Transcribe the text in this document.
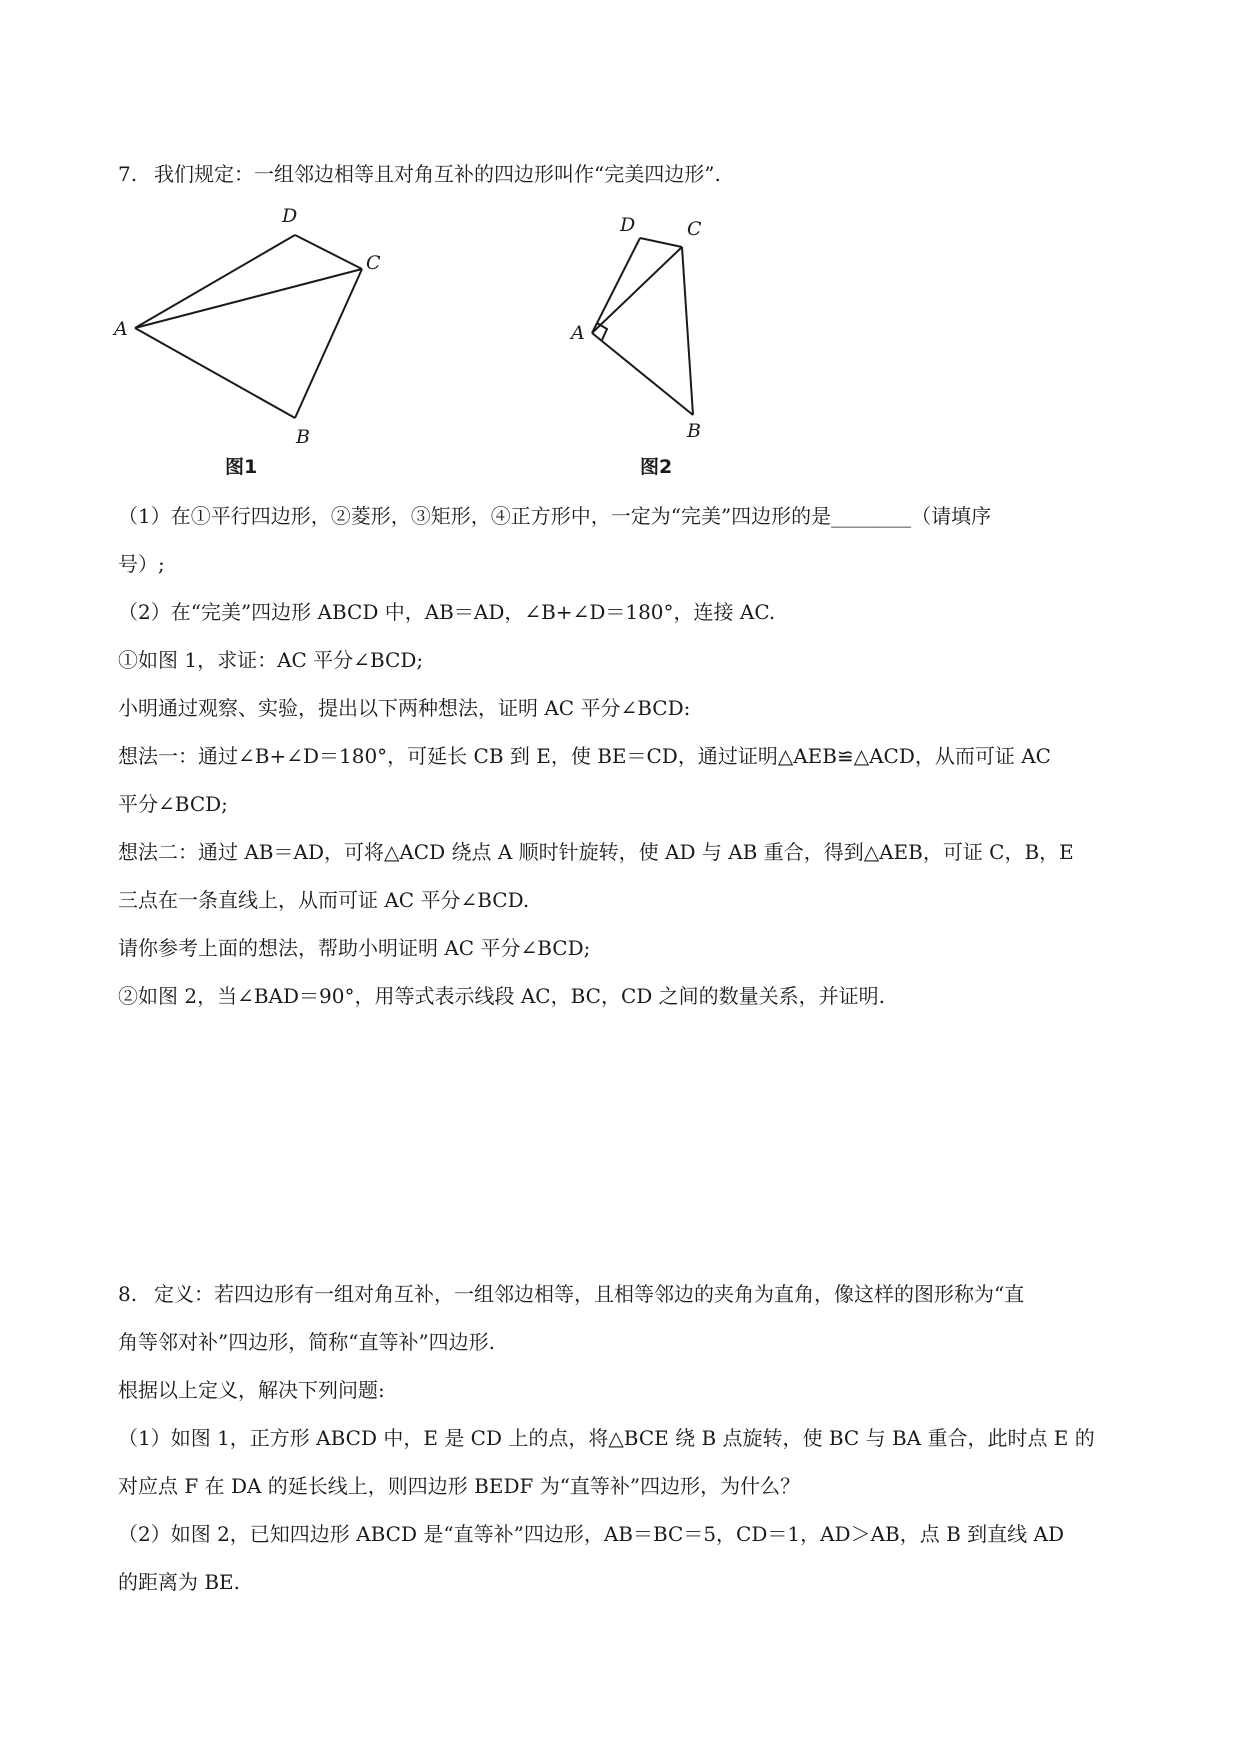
7. 我们规定：一组邻边相等且对角互补的四边形叫作“完美四边形”.
A
D
C
B
图1
A
D	C
B
图2
（1）在①平行四边形，②菱形，③矩形，④正方形中，一定为“完美”四边形的是________（请填序
号）;
（2）在“完美”四边形 ABCD 中，AB＝AD，∠B+∠D＝180°，连接 AC.
①如图 1，求证：AC 平分∠BCD;
小明通过观察、实验，提出以下两种想法，证明 AC 平分∠BCD:
想法一：通过∠B+∠D＝180°，可延长 CB 到 E，使 BE＝CD，通过证明△AEB≌△ACD，从而可证 AC
平分∠BCD;
想法二：通过 AB＝AD，可将△ACD 绕点 A 顺时针旋转，使 AD 与 AB 重合，得到△AEB，可证 C，B，E
三点在一条直线上，从而可证 AC 平分∠BCD.
请你参考上面的想法，帮助小明证明 AC 平分∠BCD;
②如图 2，当∠BAD＝90°，用等式表示线段 AC，BC，CD 之间的数量关系，并证明.
8. 定义：若四边形有一组对角互补，一组邻边相等，且相等邻边的夹角为直角，像这样的图形称为“直
角等邻对补”四边形，简称“直等补”四边形.
根据以上定义，解决下列问题:
（1）如图 1，正方形 ABCD 中，E 是 CD 上的点，将△BCE 绕 B 点旋转，使 BC 与 BA 重合，此时点 E 的
对应点 F 在 DA 的延长线上，则四边形 BEDF 为“直等补”四边形，为什么？
（2）如图 2，已知四边形 ABCD 是“直等补”四边形，AB＝BC＝5，CD＝1，AD＞AB，点 B 到直线 AD
的距离为 BE.
